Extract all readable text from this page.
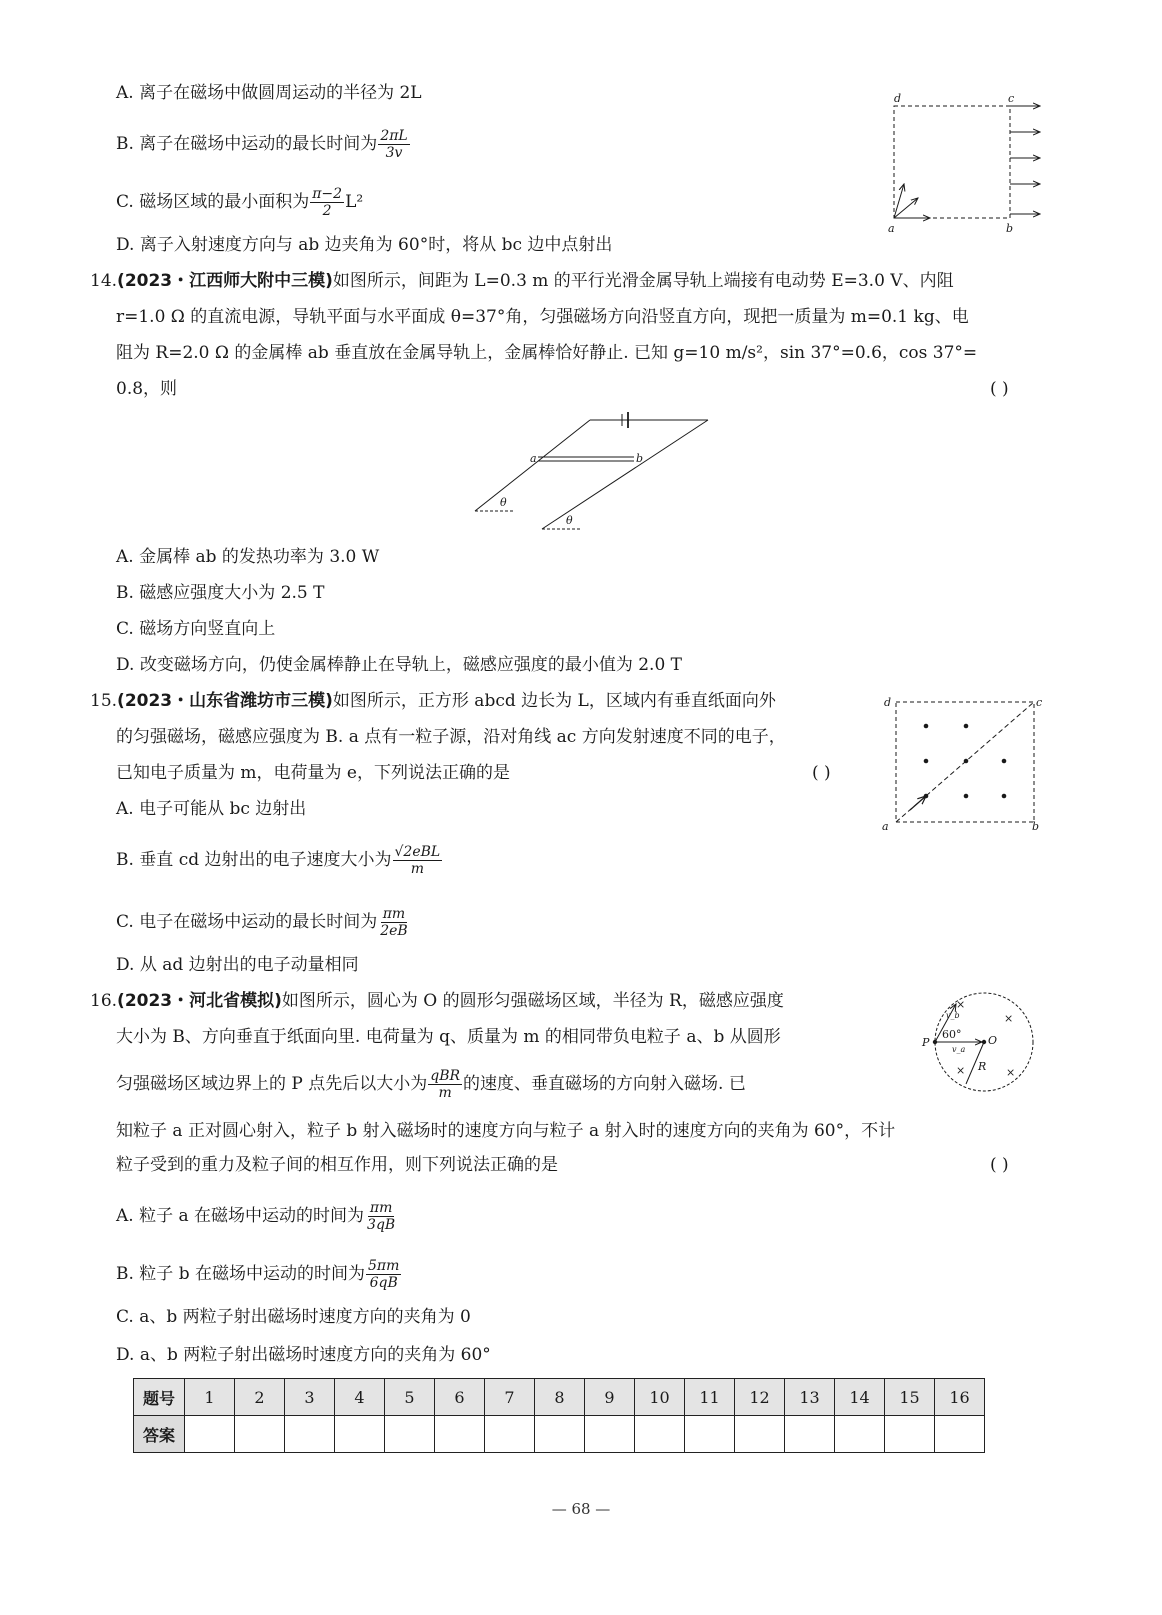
A. 离子在磁场中做圆周运动的半径为 2L
B. 离子在磁场中运动的最长时间为 $\frac{2\pi L}{3v}$
C. 磁场区域的最小面积为 $\frac{\pi-2}{2} L^2$
D. 离子入射速度方向与 ab 边夹角为 60°时，将从 bc 边中点射出
d	c
a	b
14.(2023・江西师大附中三模)如图所示，间距为 L=0.3 m 的平行光滑金属导轨上端接有电动势 E=3.0 V、内阻
r=1.0 Ω 的直流电源，导轨平面与水平面成 θ=37°角，匀强磁场方向沿竖直方向，现把一质量为 m=0.1 kg、电
阻为 R=2.0 Ω 的金属棒 ab 垂直放在金属导轨上，金属棒恰好静止. 已知 g=10 m/s²，sin 37°=0.6，cos 37°=
0.8，则	( )
a	b
θ
θ
A. 金属棒 ab 的发热功率为 3.0 W
B. 磁感应强度大小为 2.5 T
C. 磁场方向竖直向上
D. 改变磁场方向，仍使金属棒静止在导轨上，磁感应强度的最小值为 2.0 T
15.(2023・山东省潍坊市三模)如图所示，正方形 abcd 边长为 L，区域内有垂直纸面向外
的匀强磁场，磁感应强度为 B. a 点有一粒子源，沿对角线 ac 方向发射速度不同的电子，
已知电子质量为 m，电荷量为 e，下列说法正确的是	( )
A. 电子可能从 bc 边射出
B. 垂直 cd 边射出的电子速度大小为 $\frac{\text{√2eBL}}{m}$
C. 电子在磁场中运动的最长时间为 $\frac{\pi m}{2eB}$
D. 从 ad 边射出的电子动量相同
d	c
a	b
16.(2023・河北省模拟)如图所示，圆心为 O 的圆形匀强磁场区域，半径为 R，磁感应强度
大小为 B、方向垂直于纸面向里. 电荷量为 q、质量为 m 的相同带负电粒子 a、b 从圆形
匀强磁场区域边界上的 P 点先后以大小为 $\frac{\text{qBR}}{m}$ 的速度、垂直磁场的方向射入磁场. 已
知粒子 a 正对圆心射入，粒子 b 射入磁场时的速度方向与粒子 a 射入时的速度方向的夹角为 60°，不计
粒子受到的重力及粒子间的相互作用，则下列说法正确的是	( )
A. 粒子 a 在磁场中运动的时间为 $\frac{\pi m}{3qB}$
B. 粒子 b 在磁场中运动的时间为 $\frac{5\pi m}{6qB}$
C. a、b 两粒子射出磁场时速度方向的夹角为 0
D. a、b 两粒子射出磁场时速度方向的夹角为 60°
×
×
×	×
P	O
R
60°
v_b
v_a
题号	1	2	3	4	5	6	7	8	9	10	11	12	13	14	15	16
答案																
— 68 —
